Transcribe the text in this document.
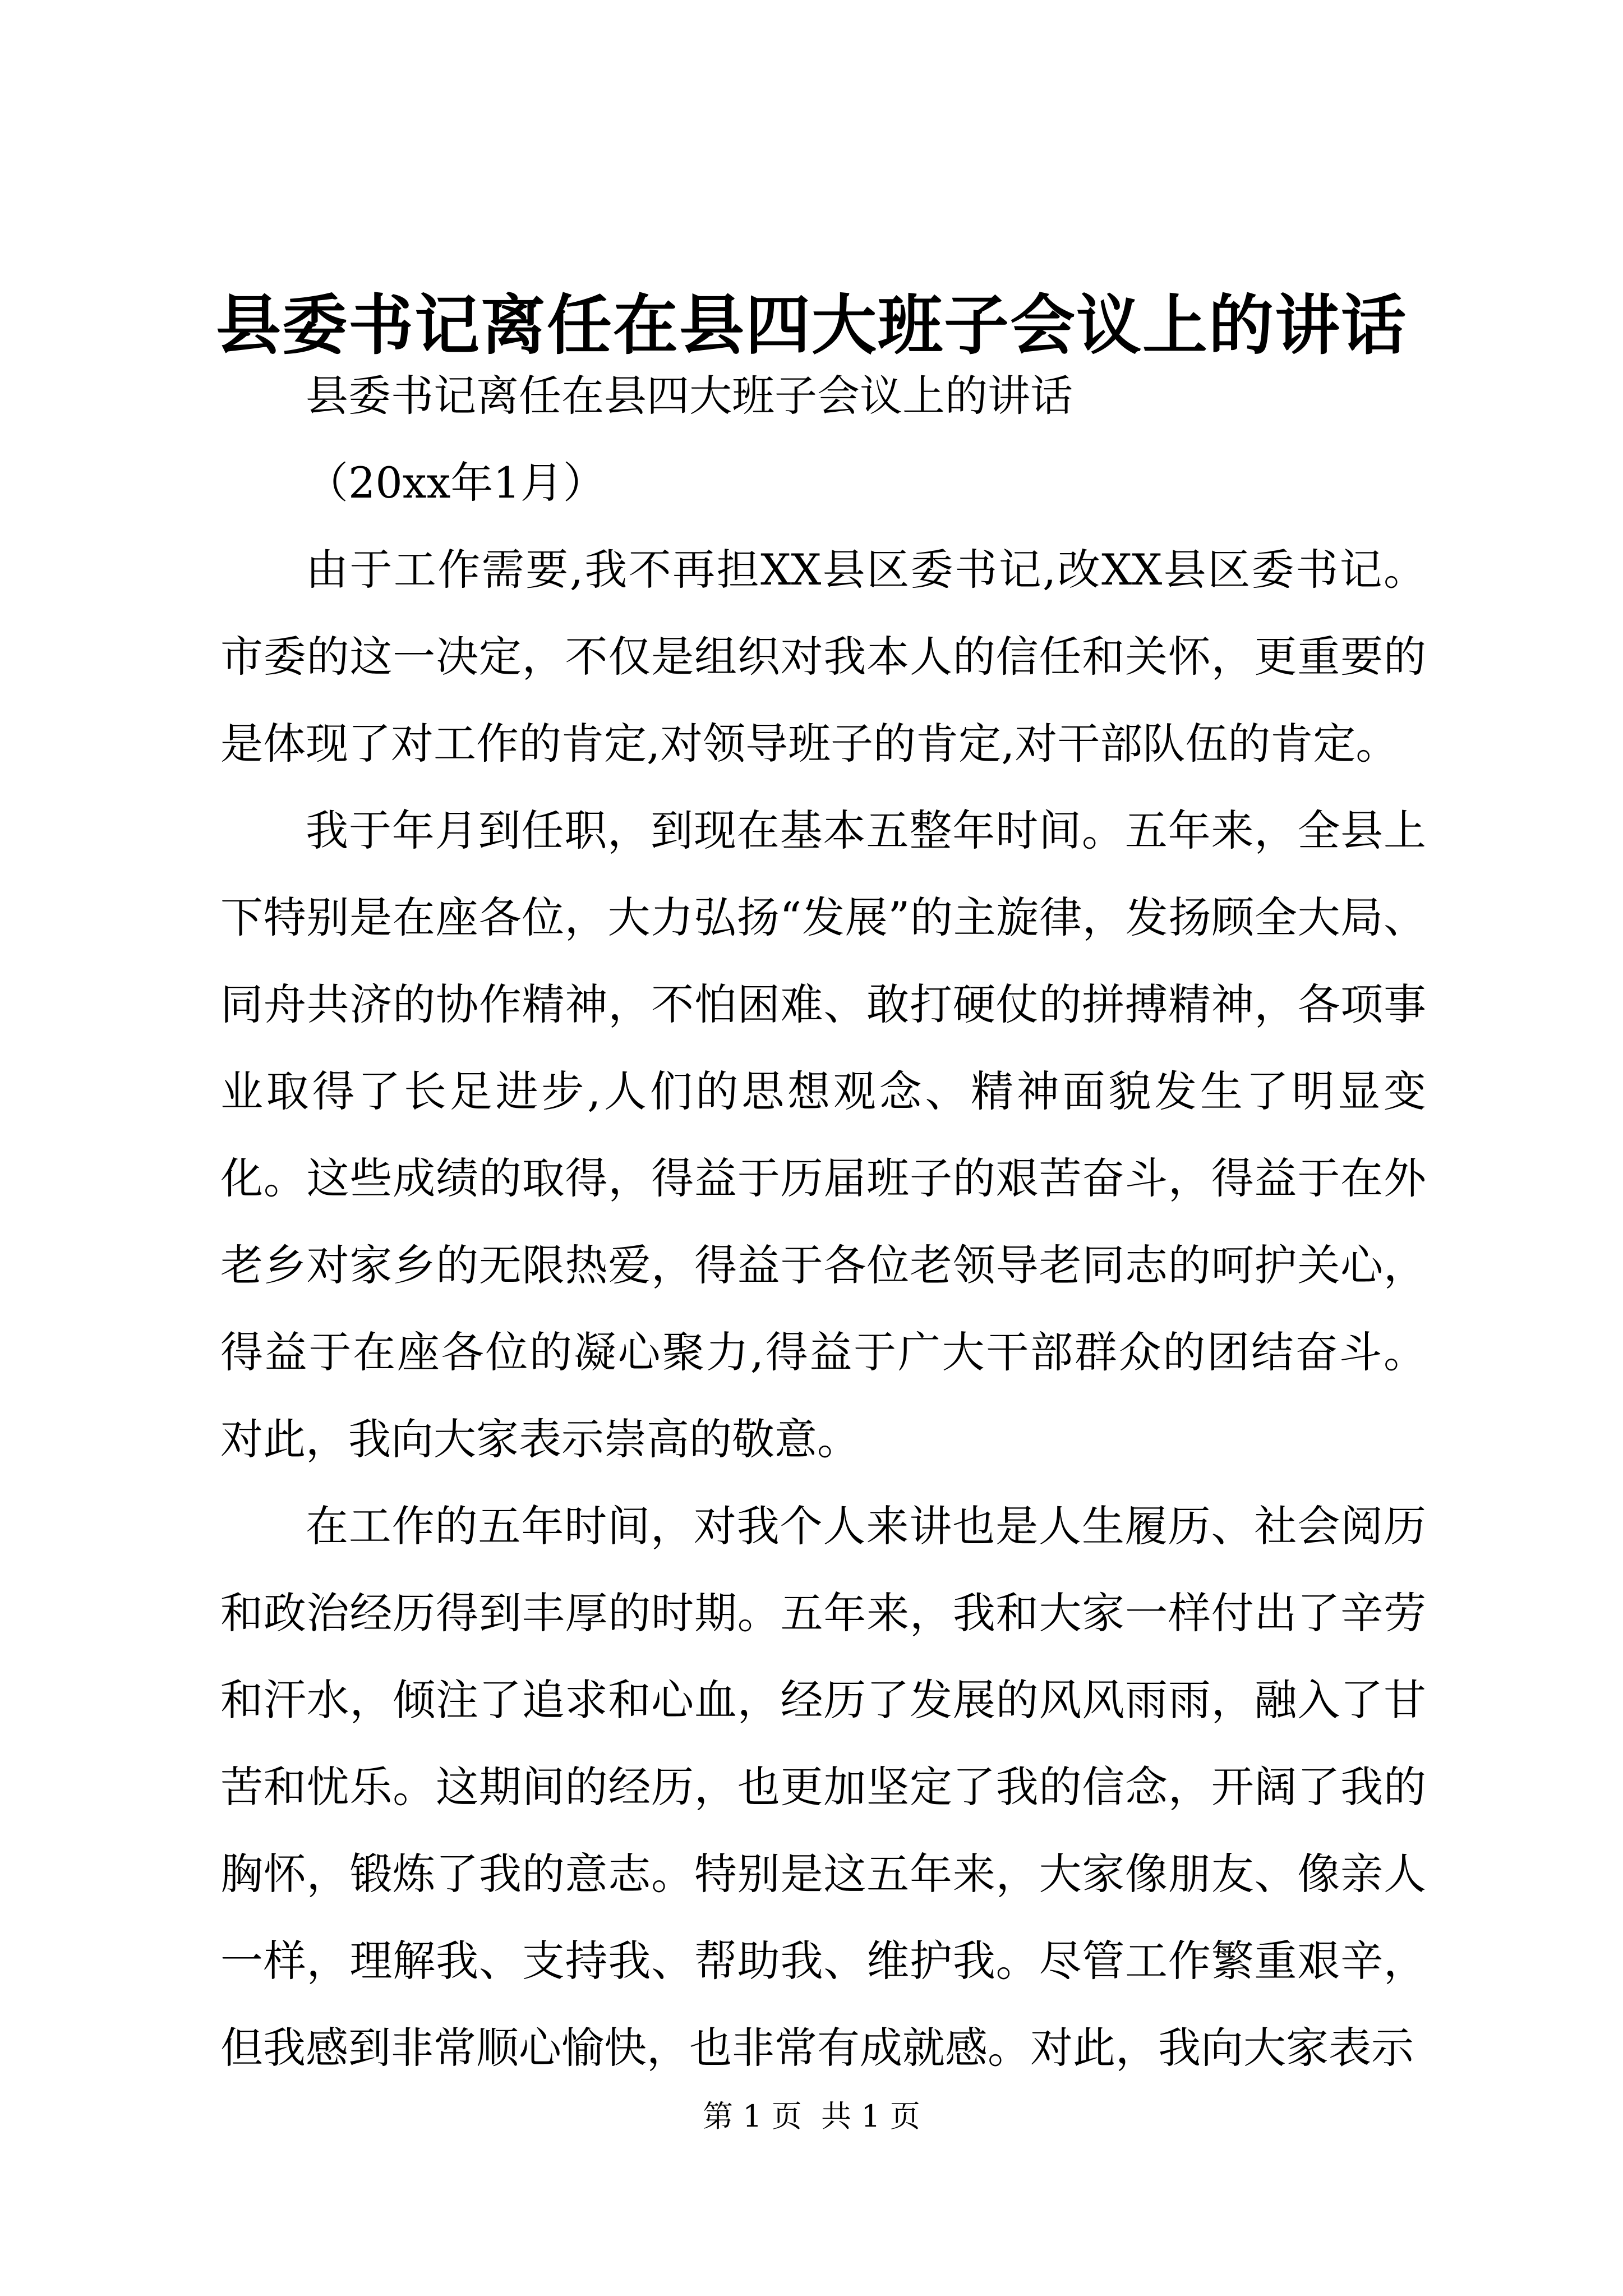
县委书记离任在县四大班子会议上的讲话

县委书记离任在县四大班子会议上的讲话

（20xx年1月）

由于工作需要,我不再担XX县区委书记,改XX县区委书记。市委的这一决定，不仅是组织对我本人的信任和关怀，更重要的是体现了对工作的肯定,对领导班子的肯定,对干部队伍的肯定。

我于年月到任职，到现在基本五整年时间。五年来，全县上下特别是在座各位，大力弘扬“发展”的主旋律，发扬顾全大局、同舟共济的协作精神，不怕困难、敢打硬仗的拼搏精神，各项事业取得了长足进步,人们的思想观念、精神面貌发生了明显变化。这些成绩的取得，得益于历届班子的艰苦奋斗，得益于在外老乡对家乡的无限热爱，得益于各位老领导老同志的呵护关心，得益于在座各位的凝心聚力,得益于广大干部群众的团结奋斗。对此，我向大家表示崇高的敬意。

在工作的五年时间，对我个人来讲也是人生履历、社会阅历和政治经历得到丰厚的时期。五年来，我和大家一样付出了辛劳和汗水，倾注了追求和心血，经历了发展的风风雨雨，融入了甘苦和忧乐。这期间的经历，也更加坚定了我的信念，开阔了我的胸怀，锻炼了我的意志。特别是这五年来，大家像朋友、像亲人一样，理解我、支持我、帮助我、维护我。尽管工作繁重艰辛，但我感到非常顺心愉快，也非常有成就感。对此，我向大家表示

第 1 页  共 1 页
